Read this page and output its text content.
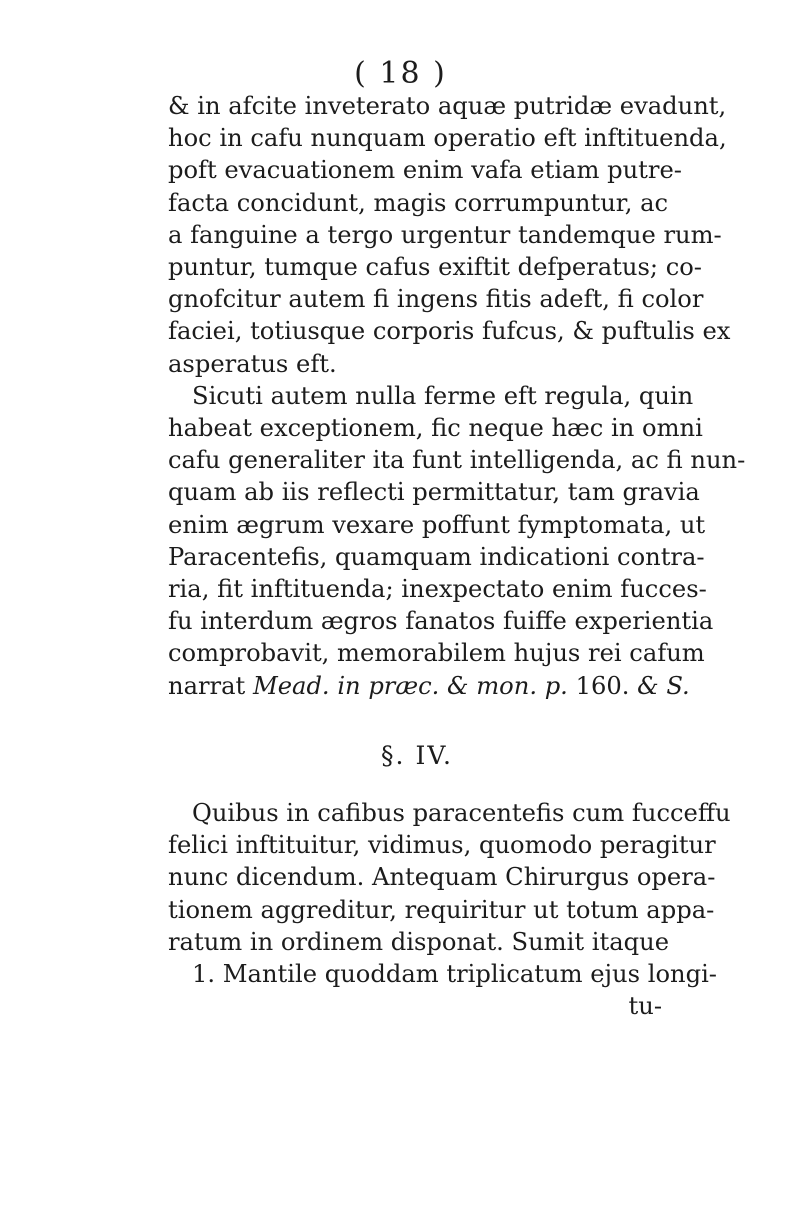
( 18 )
& in afcite inveterato aquæ putridæ evadunt,
hoc in cafu nunquam operatio eft inftituenda,
poft evacuationem enim vafa etiam putre-
facta concidunt, magis corrumpuntur, ac
a fanguine a tergo urgentur tandemque rum-
puntur, tumque cafus exiftit defperatus; co-
gnofcitur autem fi ingens fitis adeft, fi color
faciei, totiusque corporis fufcus, & puftulis ex
asperatus eft.
Sicuti autem nulla ferme eft regula, quin
habeat exceptionem, fic neque hæc in omni
cafu generaliter ita funt intelligenda, ac fi nun-
quam ab iis reflecti permittatur, tam gravia
enim ægrum vexare poffunt fymptomata, ut
Paracentefis, quamquam indicationi contra-
ria, fit inftituenda; inexpectato enim fucces-
fu interdum ægros fanatos fuiffe experientia
comprobavit, memorabilem hujus rei cafum
narrat Mead. in præc. & mon. p. 160. & S.
§. IV.
Quibus in cafibus paracentefis cum fucceffu
felici inftituitur, vidimus, quomodo peragitur
nunc dicendum. Antequam Chirurgus opera-
tionem aggreditur, requiritur ut totum appa-
ratum in ordinem disponat. Sumit itaque
1. Mantile quoddam triplicatum ejus longi-
tu-
